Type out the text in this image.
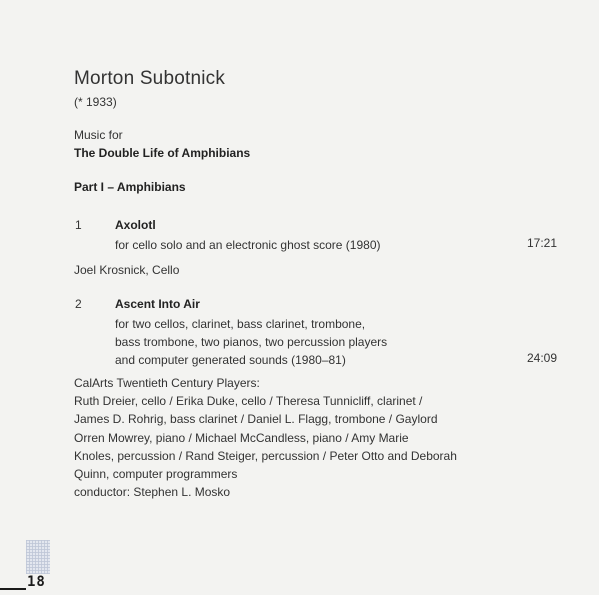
Morton Subotnick
(* 1933)
Music for
The Double Life of Amphibians
Part I – Amphibians
1	Axolotl
for cello solo and an electronic ghost score (1980)	17:21
Joel Krosnick, Cello
2	Ascent Into Air
for two cellos, clarinet, bass clarinet, trombone,
bass trombone, two pianos, two percussion players
and computer generated sounds (1980–81)	24:09
CalArts Twentieth Century Players:
Ruth Dreier, cello / Erika Duke, cello / Theresa Tunnicliff, clarinet /
James D. Rohrig, bass clarinet / Daniel L. Flagg, trombone / Gaylord
Orren Mowrey, piano / Michael McCandless, piano / Amy Marie
Knoles, percussion / Rand Steiger, percussion / Peter Otto and Deborah
Quinn, computer programmers
conductor: Stephen L. Mosko
18
